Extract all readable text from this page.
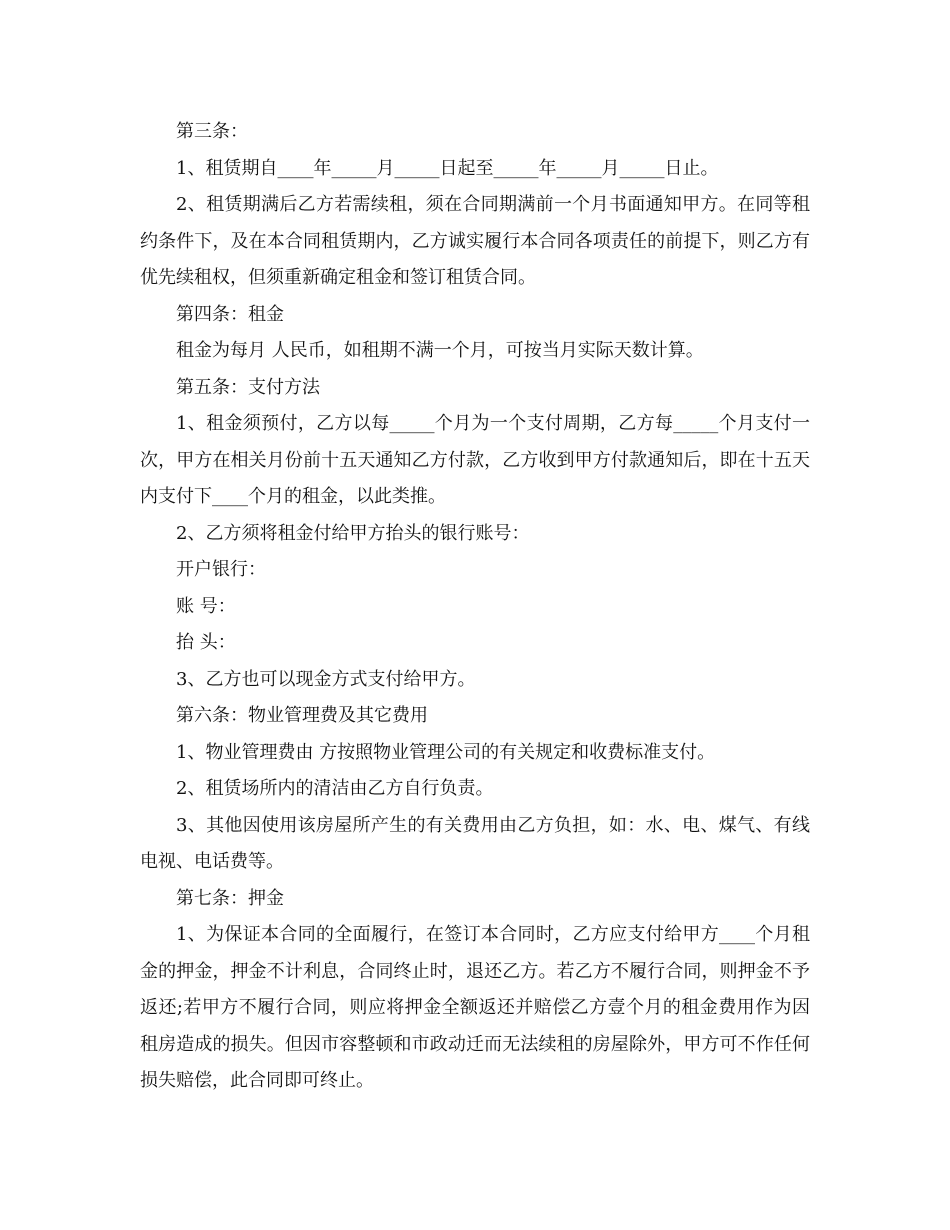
第三条：

1、租赁期自____年_____月_____日起至_____年_____月_____日止。

2、租赁期满后乙方若需续租，须在合同期满前一个月书面通知甲方。在同等租约条件下，及在本合同租赁期内，乙方诚实履行本合同各项责任的前提下，则乙方有优先续租权，但须重新确定租金和签订租赁合同。

第四条：租金

租金为每月 人民币，如租期不满一个月，可按当月实际天数计算。

第五条：支付方法

1、租金须预付，乙方以每_____个月为一个支付周期，乙方每_____个月支付一次，甲方在相关月份前十五天通知乙方付款，乙方收到甲方付款通知后，即在十五天内支付下____个月的租金，以此类推。

2、乙方须将租金付给甲方抬头的银行账号：

开户银行：

账 号：

抬 头：

3、乙方也可以现金方式支付给甲方。

第六条：物业管理费及其它费用

1、物业管理费由 方按照物业管理公司的有关规定和收费标准支付。

2、租赁场所内的清洁由乙方自行负责。

3、其他因使用该房屋所产生的有关费用由乙方负担，如：水、电、煤气、有线电视、电话费等。

第七条：押金

1、为保证本合同的全面履行，在签订本合同时，乙方应支付给甲方____个月租金的押金，押金不计利息，合同终止时，退还乙方。若乙方不履行合同，则押金不予返还;若甲方不履行合同，则应将押金全额返还并赔偿乙方壹个月的租金费用作为因租房造成的损失。但因市容整顿和市政动迁而无法续租的房屋除外，甲方可不作任何损失赔偿，此合同即可终止。
